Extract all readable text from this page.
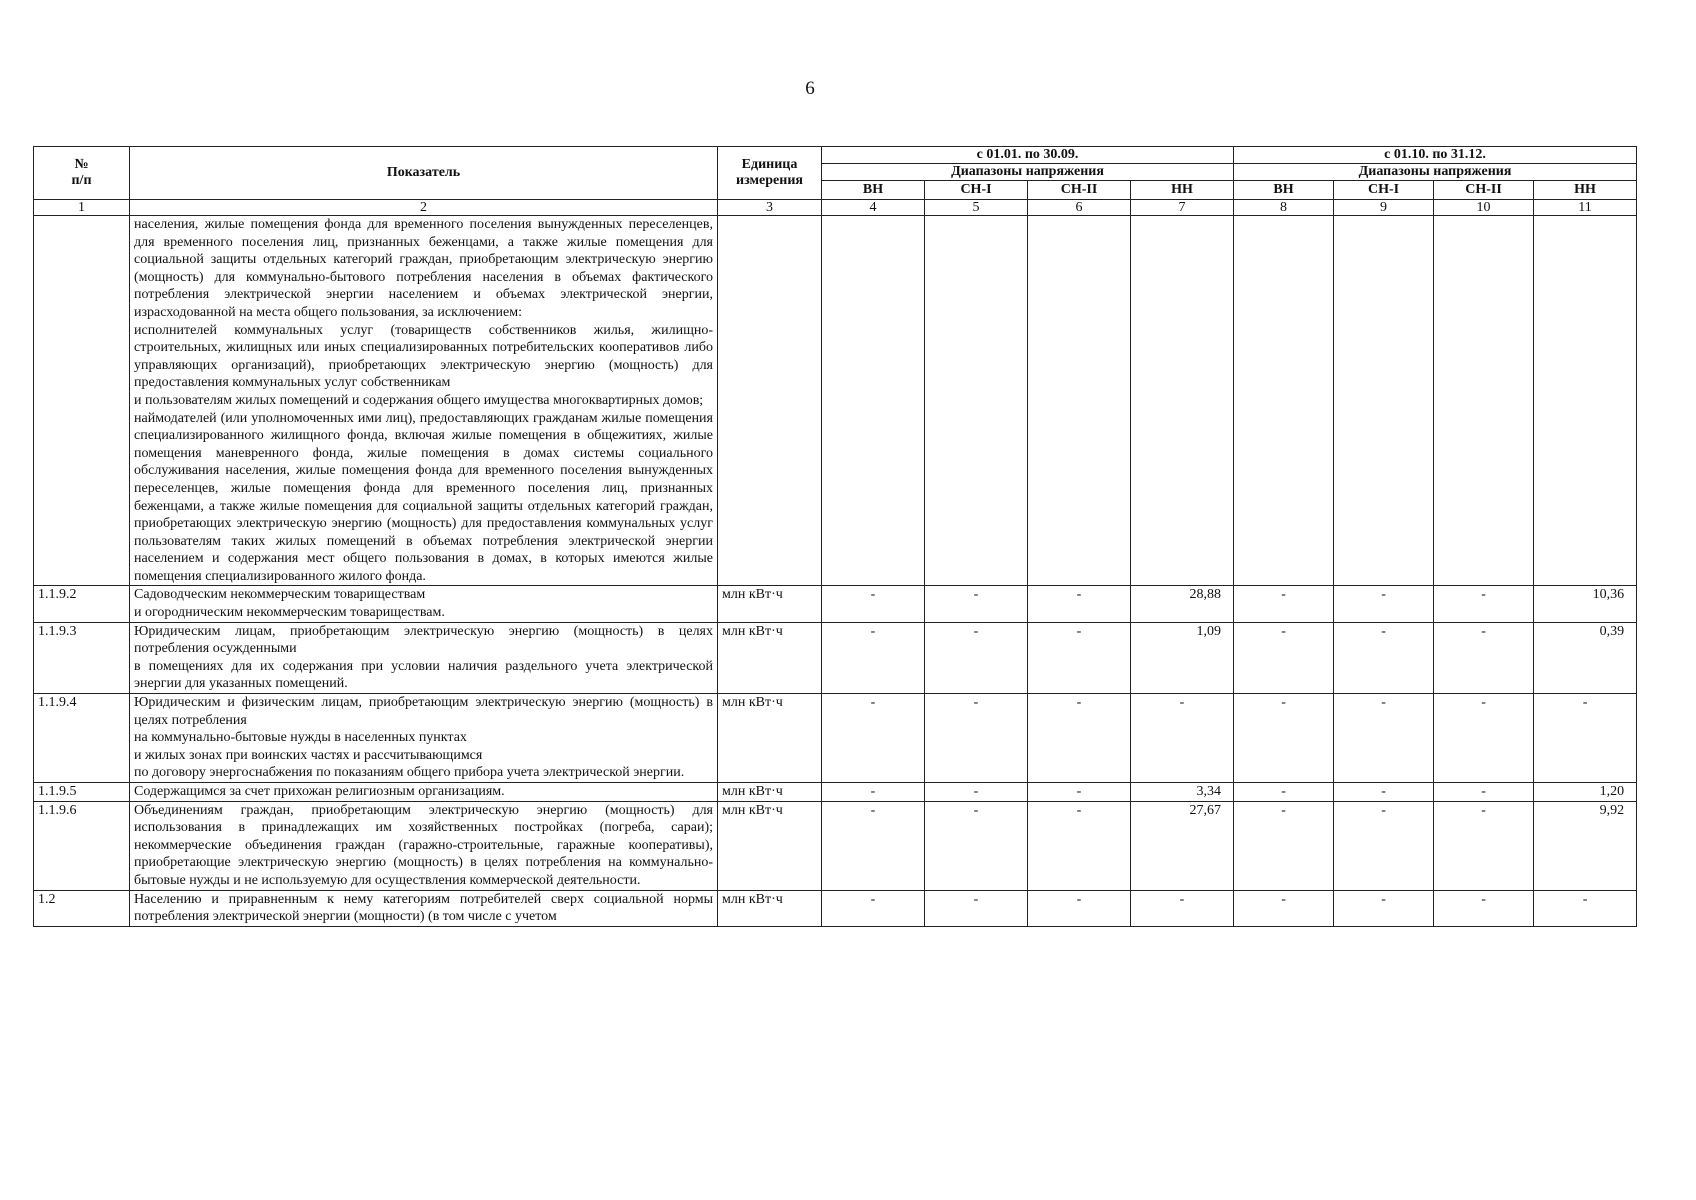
6
№
п/п	Показатель	Единица измерения	с 01.01. по 30.09.				с 01.10. по 31.12.			
			Диапазоны напряжения				Диапазоны напряжения			
			ВН	СН-I	СН-II	НН	ВН	СН-I	СН-II	НН
1	2	3	4	5	6	7	8	9	10	11

	населения, жилые помещения фонда для временного поселения вынужденных переселенцев, для временного поселения лиц, признанных беженцами, а также жилые помещения для социальной защиты отдельных категорий граждан, приобретающим электрическую энергию (мощность) для коммунально-бытового потребления населения в объемах фактического потребления электрической энергии населением и объемах электрической энергии, израсходованной на места общего пользования, за исключением:

исполнителей коммунальных услуг (товариществ собственников жилья, жилищно-строительных, жилищных или иных специализированных потребительских кооперативов либо управляющих организаций), приобретающих электрическую энергию (мощность) для предоставления коммунальных услуг собственникам

и пользователям жилых помещений и содержания общего имущества многоквартирных домов;

наймодателей (или уполномоченных ими лиц), предоставляющих гражданам жилые помещения специализированного жилищного фонда, включая жилые помещения в общежитиях, жилые помещения маневренного фонда, жилые помещения в домах системы социального обслуживания населения, жилые помещения фонда для временного поселения вынужденных переселенцев, жилые помещения фонда для временного поселения лиц, признанных беженцами, а также жилые помещения для социальной защиты отдельных категорий граждан, приобретающих электрическую энергию (мощность) для предоставления коммунальных услуг пользователям таких жилых помещений в объемах потребления электрической энергии населением и содержания мест общего пользования в домах, в которых имеются жилые помещения специализированного жилого фонда.									

1.1.9.2	Садоводческим некоммерческим товариществам

и огородническим некоммерческим товариществам.	млн кВт·ч	-	-	-	28,88	-	-	-	10,36
1.1.9.3	Юридическим лицам, приобретающим электрическую энергию (мощность) в целях потребления осужденными

в помещениях для их содержания при условии наличия раздельного учета электрической энергии для указанных помещений.	млн кВт·ч	-	-	-	1,09	-	-	-	0,39
1.1.9.4	Юридическим и физическим лицам, приобретающим электрическую энергию (мощность) в целях потребления

на коммунально-бытовые нужды в населенных пунктах

и жилых зонах при воинских частях и рассчитывающимся

по договору энергоснабжения по показаниям общего прибора учета электрической энергии.	млн кВт·ч	-	-	-	-	-	-	-	-
1.1.9.5	Содержащимся за счет прихожан религиозным организациям.	млн кВт·ч	-	-	-	3,34	-	-	-	1,20
1.1.9.6	Объединениям граждан, приобретающим электрическую энергию (мощность) для использования в принадлежащих им хозяйственных постройках (погреба, сараи); некоммерческие объединения граждан (гаражно-строительные, гаражные кооперативы), приобретающие электрическую энергию (мощность) в целях потребления на коммунально-бытовые нужды и не используемую для осуществления коммерческой деятельности.	млн кВт·ч	-	-	-	27,67	-	-	-	9,92
1.2	Населению и приравненным к нему категориям потребителей сверх социальной нормы потребления электрической энергии (мощности) (в том числе с учетом	млн кВт·ч	-	-	-	-	-	-	-	-
